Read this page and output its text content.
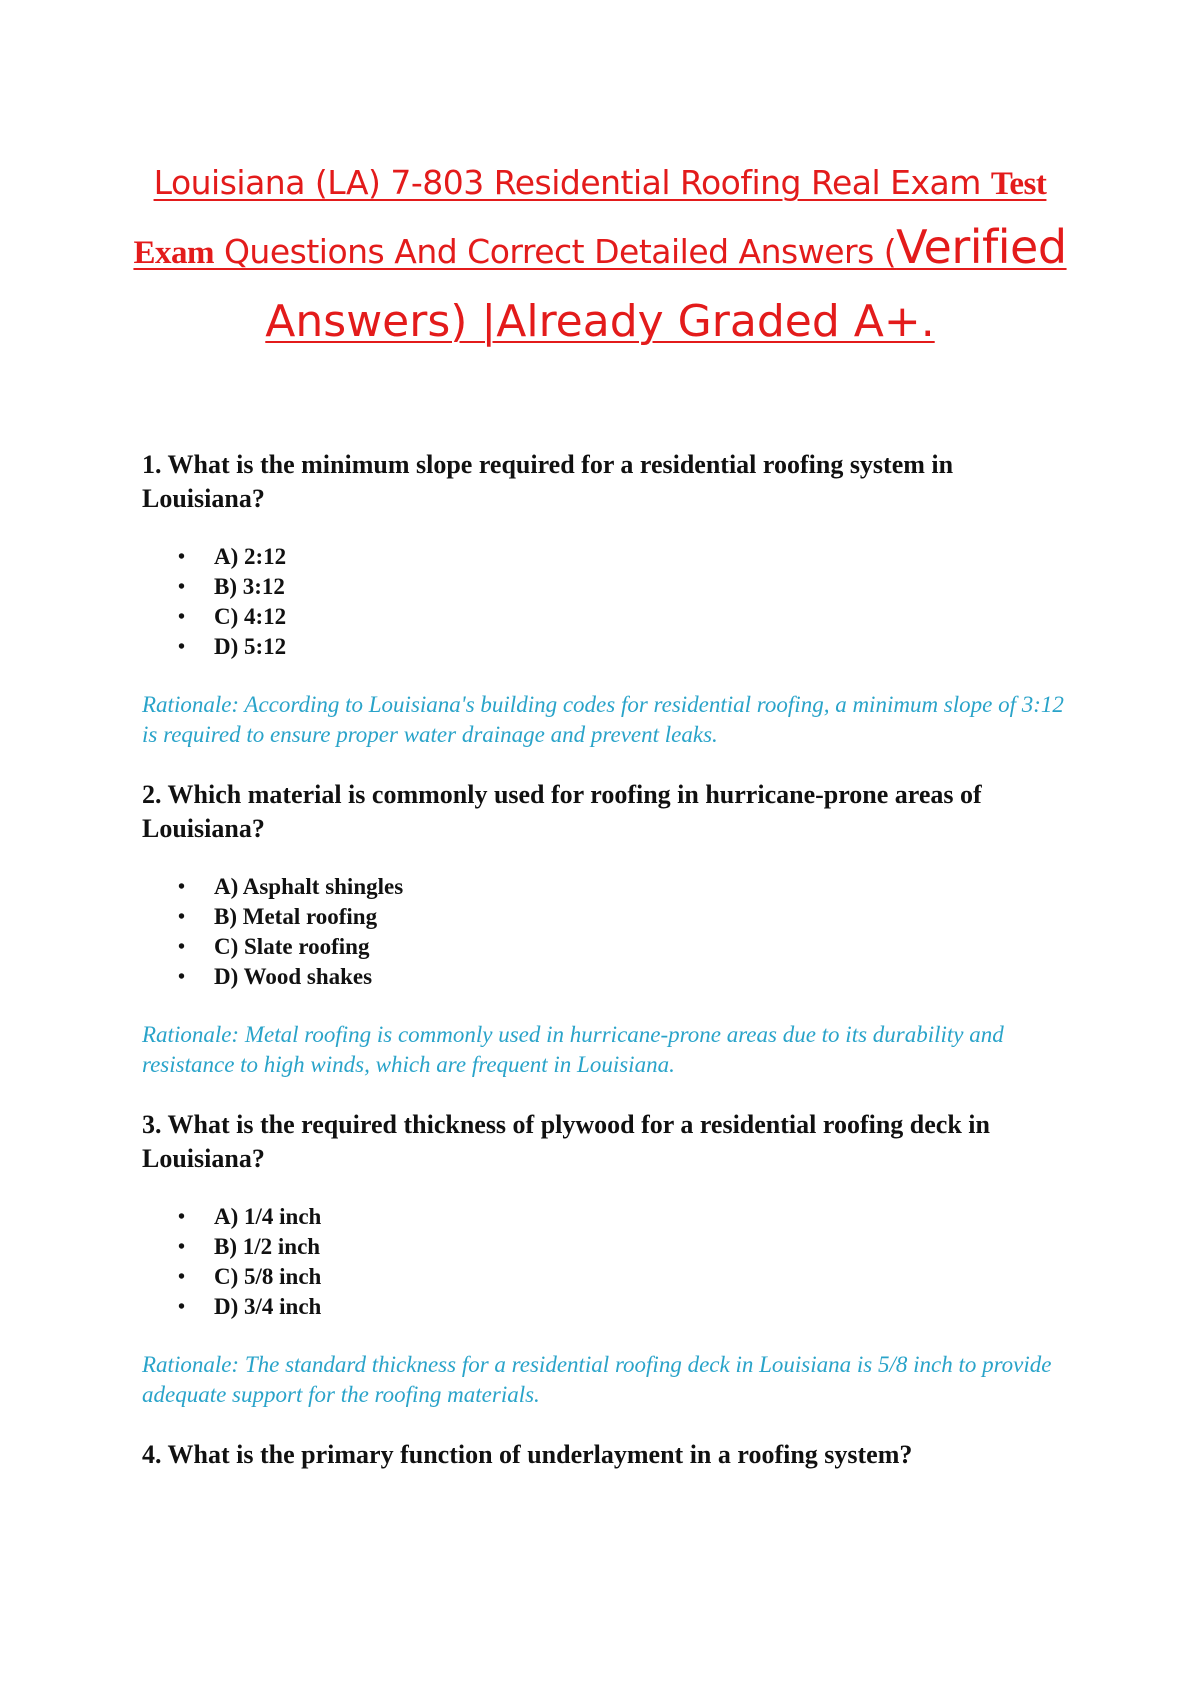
Louisiana (LA) 7-803 Residential Roofing Real Exam Test
Exam Questions And Correct Detailed Answers (Verified
Answers) |Already Graded A+.

1. What is the minimum slope required for a residential roofing system in Louisiana?

• A) 2:12
• B) 3:12
• C) 4:12
• D) 5:12

Rationale: According to Louisiana's building codes for residential roofing, a minimum slope of 3:12 is required to ensure proper water drainage and prevent leaks.

2. Which material is commonly used for roofing in hurricane-prone areas of Louisiana?

• A) Asphalt shingles
• B) Metal roofing
• C) Slate roofing
• D) Wood shakes

Rationale: Metal roofing is commonly used in hurricane-prone areas due to its durability and resistance to high winds, which are frequent in Louisiana.

3. What is the required thickness of plywood for a residential roofing deck in Louisiana?

• A) 1/4 inch
• B) 1/2 inch
• C) 5/8 inch
• D) 3/4 inch

Rationale: The standard thickness for a residential roofing deck in Louisiana is 5/8 inch to provide adequate support for the roofing materials.

4. What is the primary function of underlayment in a roofing system?
